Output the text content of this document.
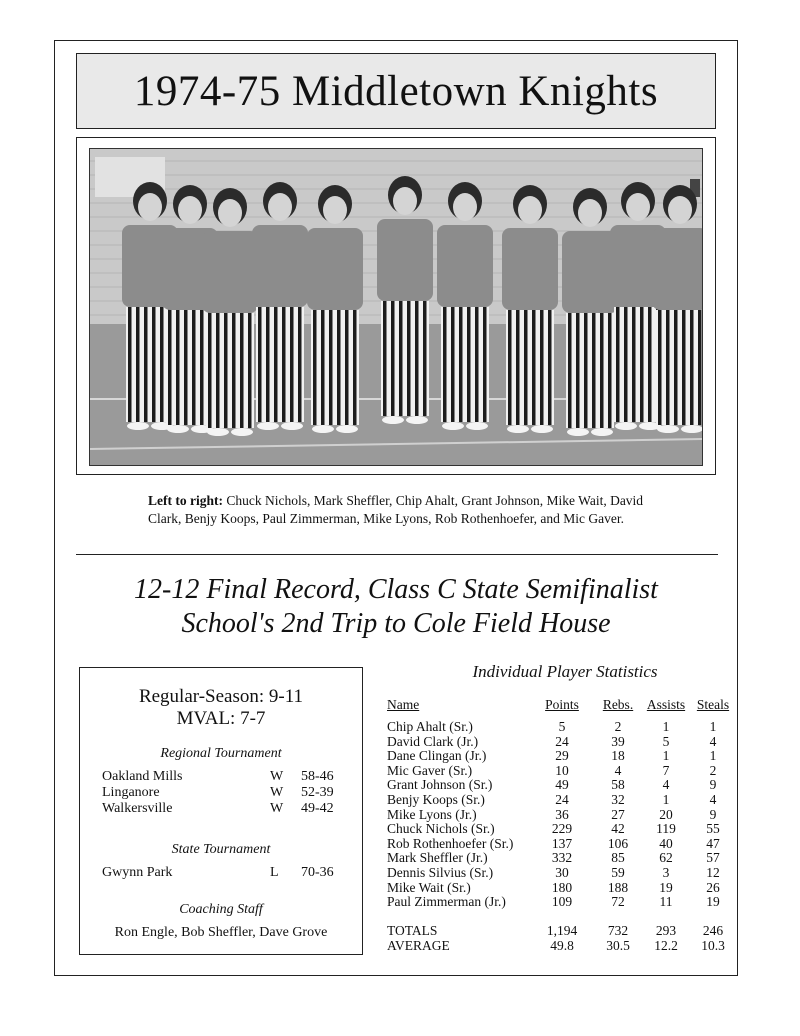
1974-75 Middletown Knights
Left to right: Chuck Nichols, Mark Sheffler, Chip Ahalt, Grant Johnson, Mike Wait, David Clark, Benjy Koops, Paul Zimmerman, Mike Lyons, Rob Rothenhoefer, and Mic Gaver.
12-12 Final Record, Class C State Semifinalist
School's 2nd Trip to Cole Field House
Regular-Season: 9-11
MVAL: 7-7
Regional Tournament
Oakland Mills	W 58-46
Linganore	W 52-39
Walkersville	W 49-42
State Tournament
Gwynn Park	L 70-36
Coaching Staff
Ron Engle, Bob Sheffler, Dave Grove
Individual Player Statistics
Name	Points	Rebs.	Assists Steals
Chip Ahalt (Sr.)	5	2	1	1
David Clark (Jr.)	24	39	5	4
Dane Clingan (Jr.)	29	18	1	1
Mic Gaver (Sr.)	10	4	7	2
Grant Johnson (Sr.)	49	58	4	9
Benjy Koops (Sr.)	24	32	1	4
Mike Lyons (Jr.)	36	27	20	9
Chuck Nichols (Sr.)	229	42	119	55
Rob Rothenhoefer (Sr.)	137	106	40	47
Mark Sheffler (Jr.)	332	85	62	57
Dennis Silvius (Sr.)	30	59	3	12
Mike Wait (Sr.)	180	188	19	26
Paul Zimmerman (Jr.)	109	72	11	19
TOTALS	1,194	732	293	246
AVERAGE	49.8	30.5	12.2	10.3
